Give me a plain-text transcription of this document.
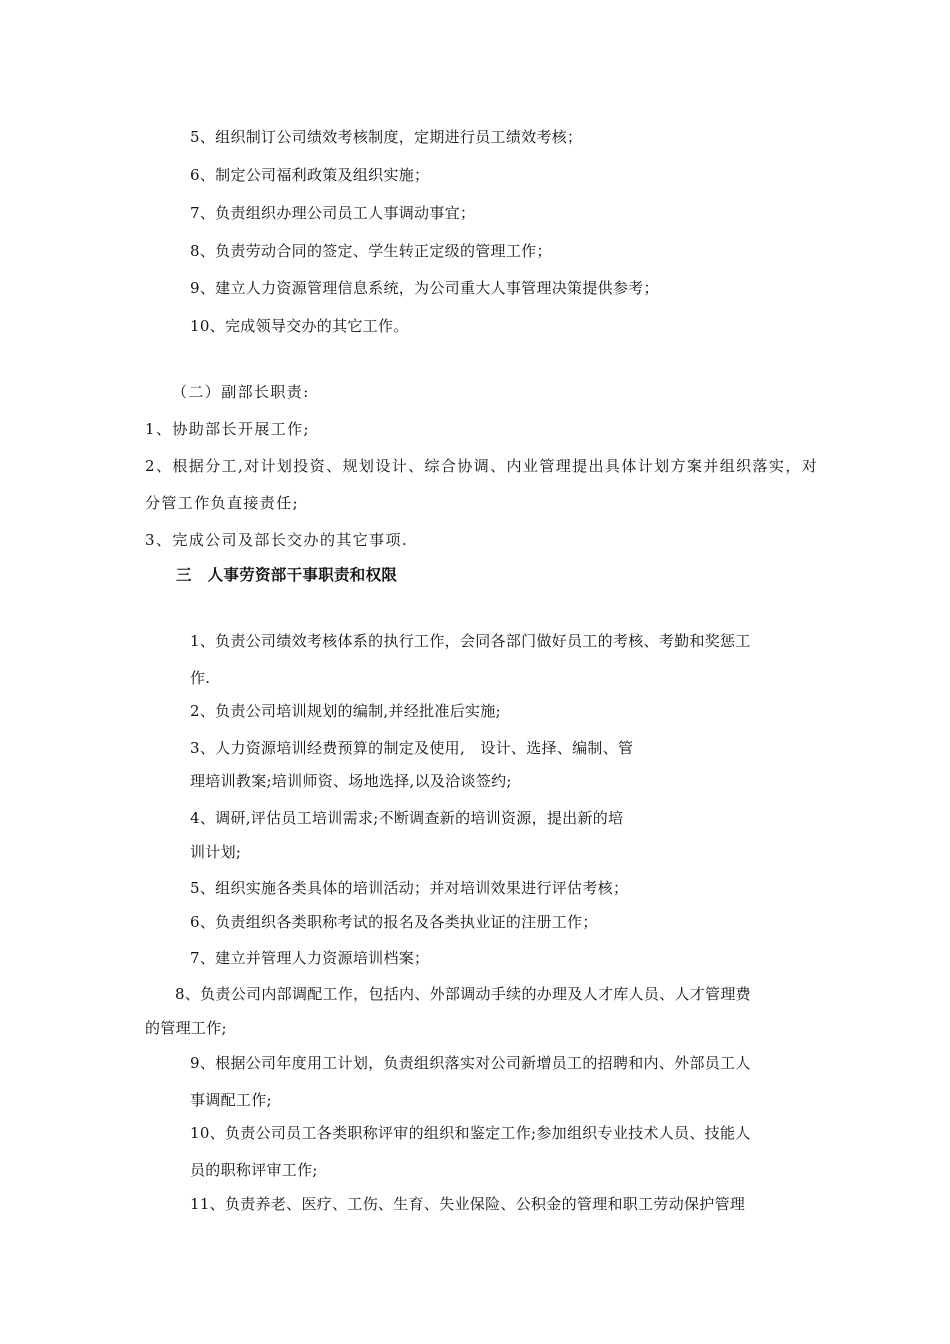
5、组织制订公司绩效考核制度，定期进行员工绩效考核；
6、制定公司福利政策及组织实施；
7、负责组织办理公司员工人事调动事宜；
8、负责劳动合同的签定、学生转正定级的管理工作；
9、建立人力资源管理信息系统，为公司重大人事管理决策提供参考；
10、完成领导交办的其它工作。
（二）副部长职责:
1、协助部长开展工作;
2、根据分工,对计划投资、规划设计、综合协调、内业管理提出具体计划方案并组织落实，对
分管工作负直接责任;
3、完成公司及部长交办的其它事项.
三　人事劳资部干事职责和权限
1、负责公司绩效考核体系的执行工作，会同各部门做好员工的考核、考勤和奖惩工
作.
2、负责公司培训规划的编制,并经批准后实施;
3、人力资源培训经费预算的制定及使用,　设计、选择、编制、管
理培训教案;培训师资、场地选择,以及洽谈签约;
4、调研,评估员工培训需求;不断调查新的培训资源，提出新的培
训计划;
5、组织实施各类具体的培训活动；并对培训效果进行评估考核；
6、负责组织各类职称考试的报名及各类执业证的注册工作；
7、建立并管理人力资源培训档案；
8、负责公司内部调配工作，包括内、外部调动手续的办理及人才库人员、人才管理费
的管理工作;
9、根据公司年度用工计划，负责组织落实对公司新增员工的招聘和内、外部员工人
事调配工作;
10、负责公司员工各类职称评审的组织和鉴定工作;参加组织专业技术人员、技能人
员的职称评审工作;
11、负责养老、医疗、工伤、生育、失业保险、公积金的管理和职工劳动保护管理
